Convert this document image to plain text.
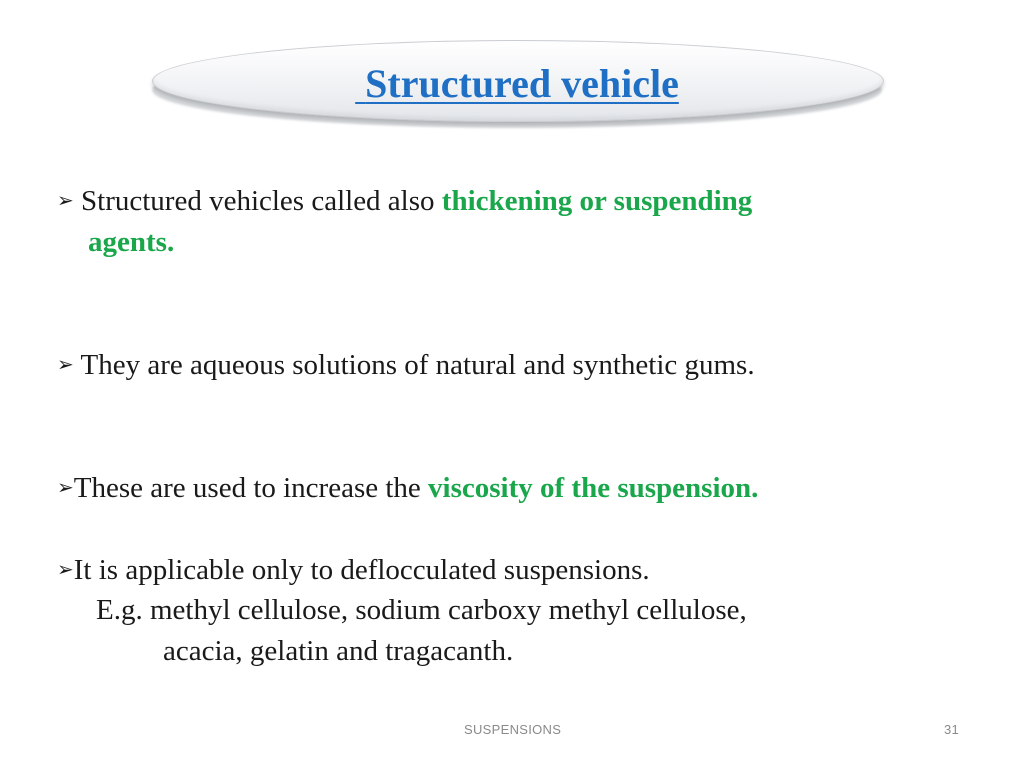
Structured vehicle
➢ Structured vehicles called also thickening or suspending
agents.
➢ They are aqueous solutions of natural and synthetic gums.
➢These are used to increase the viscosity of the suspension.
➢It is applicable only to deflocculated suspensions.
E.g. methyl cellulose, sodium carboxy methyl cellulose,
acacia, gelatin and tragacanth.
SUSPENSIONS	31
